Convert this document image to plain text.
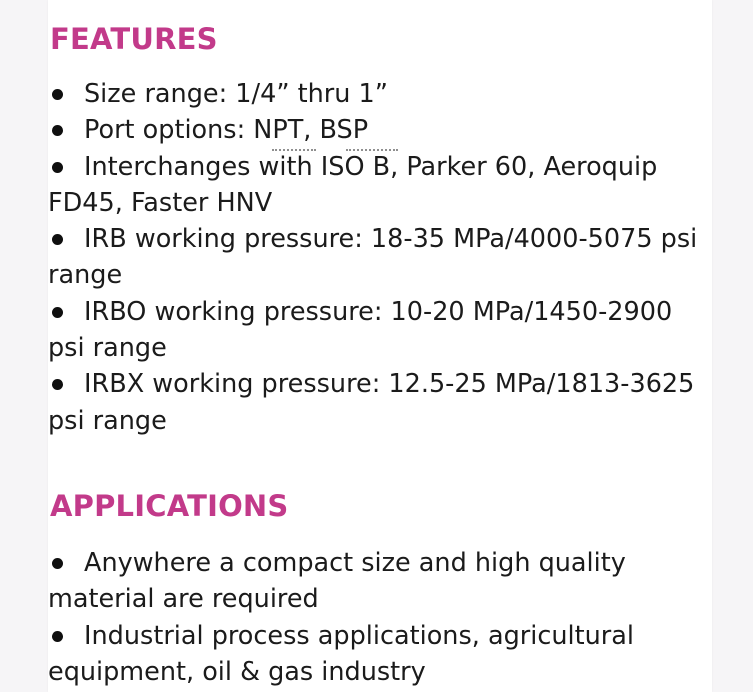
FEATURES
Size range: 1/4” thru 1”
Port options: NPT, BSP
Interchanges with ISO B, Parker 60, Aeroquip FD45, Faster HNV
IRB working pressure: 18-35 MPa/4000-5075 psi range
IRBO working pressure: 10-20 MPa/1450-2900 psi range
IRBX working pressure: 12.5-25 MPa/1813-3625 psi range
APPLICATIONS
Anywhere a compact size and high quality material are required
Industrial process applications, agricultural equipment, oil & gas industry
